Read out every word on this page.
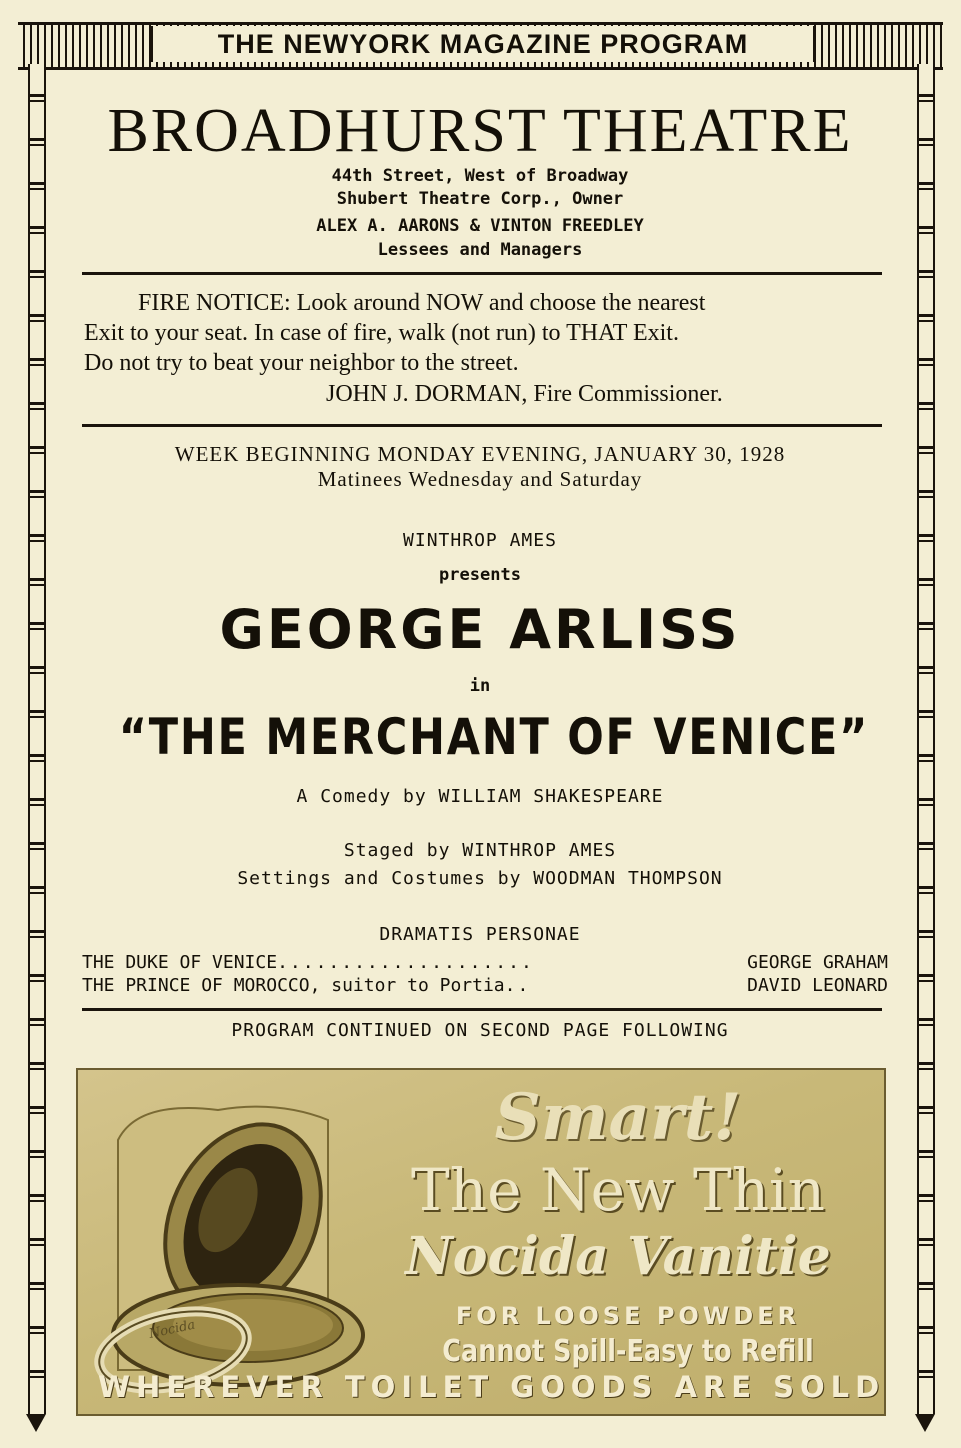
THE NEWYORK MAGAZINE PROGRAM
BROADHURST THEATRE
44th Street, West of Broadway
Shubert Theatre Corp., Owner
ALEX A. AARONS & VINTON FREEDLEY
Lessees and Managers
FIRE NOTICE: Look around NOW and choose the nearest
Exit to your seat. In case of fire, walk (not run) to THAT Exit.
Do not try to beat your neighbor to the street.
JOHN J. DORMAN, Fire Commissioner.
WEEK BEGINNING MONDAY EVENING, JANUARY 30, 1928
Matinees Wednesday and Saturday
WINTHROP AMES
presents
GEORGE ARLISS
in
“THE MERCHANT OF VENICE”
A Comedy by WILLIAM SHAKESPEARE
Staged by WINTHROP AMES
Settings and Costumes by WOODMAN THOMPSON
DRAMATIS PERSONAE
THE DUKE OF VENICE ....................	GEORGE GRAHAM
THE PRINCE OF MOROCCO, suitor to Portia ..	DAVID LEONARD
PROGRAM CONTINUED ON SECOND PAGE FOLLOWING
Nocida
Smart!
The New Thin
Nocida Vanitie
FOR LOOSE POWDER
Cannot Spill-Easy to Refill
WHEREVER TOILET GOODS ARE SOLD
